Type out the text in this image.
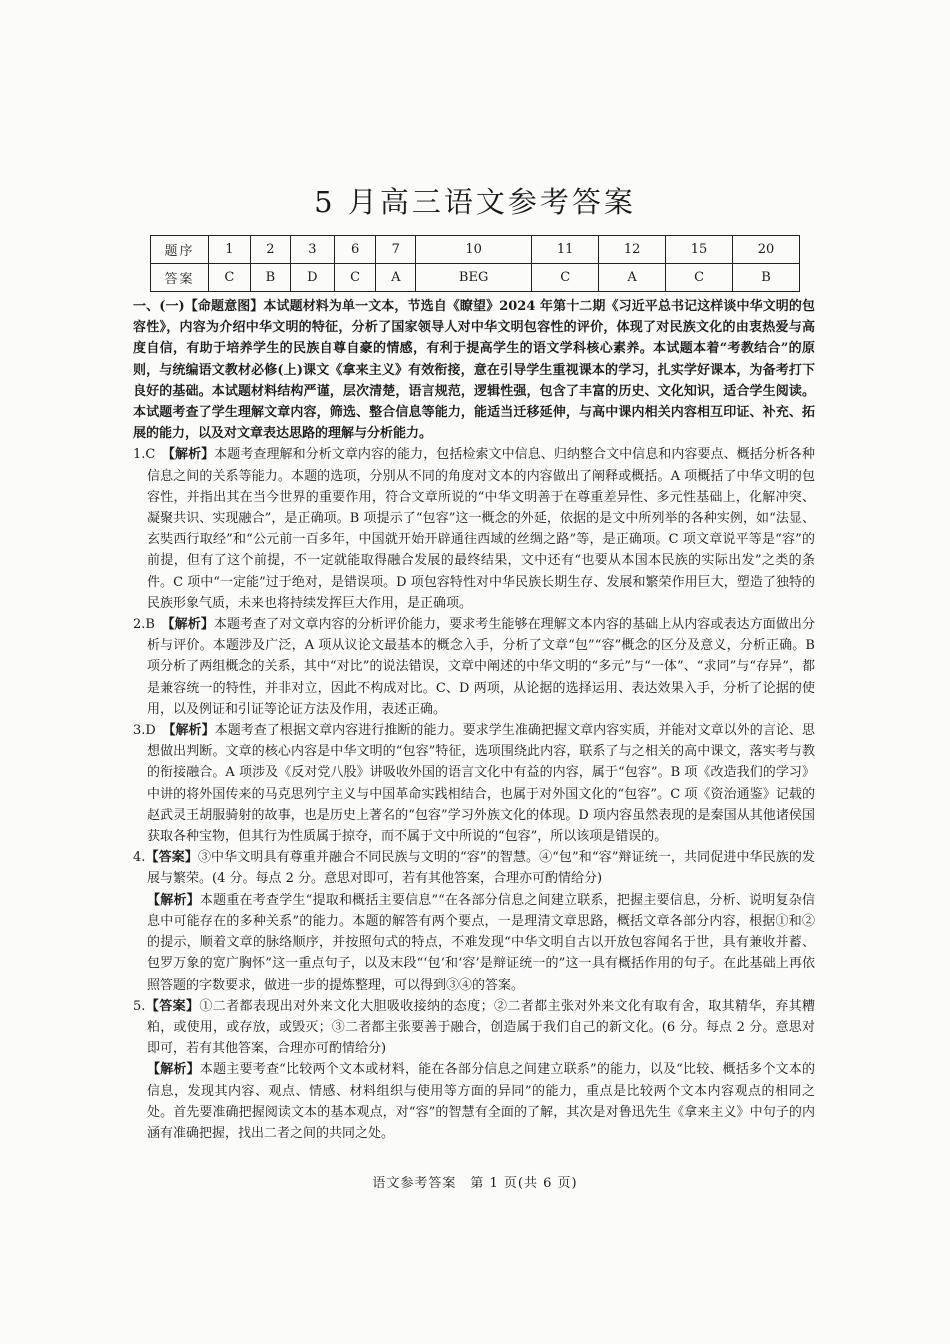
5 月高三语文参考答案
题序	1	2	3	6	7	10	11	12	15	20
答案	C	B	D	C	A	BEG	C	A	C	B

一、(一)【命题意图】本试题材料为单一文本，节选自《瞭望》2024 年第十二期《习近平总书记这样谈中华文明的包容性》，内容为介绍中华文明的特征，分析了国家领导人对中华文明包容性的评价，体现了对民族文化的由衷热爱与高度自信，有助于培养学生的民族自尊自豪的情感，有利于提高学生的语文学科核心素养。本试题本着“考教结合”的原则，与统编语文教材必修(上)课文《拿来主义》有效衔接，意在引导学生重视课本的学习，扎实学好课本，为备考打下良好的基础。本试题材料结构严谨，层次清楚，语言规范，逻辑性强，包含了丰富的历史、文化知识，适合学生阅读。本试题考查了学生理解文章内容，筛选、整合信息等能力，能适当迁移延伸，与高中课内相关内容相互印证、补充、拓展的能力，以及对文章表达思路的理解与分析能力。

1.C　【解析】本题考查理解和分析文章内容的能力，包括检索文中信息、归纳整合文中信息和内容要点、概括分析各种信息之间的关系等能力。本题的选项，分别从不同的角度对文本的内容做出了阐释或概括。A 项概括了中华文明的包容性，并指出其在当今世界的重要作用，符合文章所说的“中华文明善于在尊重差异性、多元性基础上，化解冲突、凝聚共识、实现融合”，是正确项。B 项提示了“包容”这一概念的外延，依据的是文中所列举的各种实例，如“法显、玄奘西行取经”和“公元前一百多年，中国就开始开辟通往西域的丝绸之路”等，是正确项。C 项文章说平等是“容”的前提，但有了这个前提，不一定就能取得融合发展的最终结果，文中还有“也要从本国本民族的实际出发”之类的条件。C 项中“一定能”过于绝对，是错误项。D 项包容特性对中华民族长期生存、发展和繁荣作用巨大，塑造了独特的民族形象气质，未来也将持续发挥巨大作用，是正确项。

2.B　【解析】本题考查了对文章内容的分析评价能力，要求考生能够在理解文本内容的基础上从内容或表达方面做出分析与评价。本题涉及广泛，A 项从议论文最基本的概念入手，分析了文章“包”“容”概念的区分及意义，分析正确。B 项分析了两组概念的关系，其中“对比”的说法错误，文章中阐述的中华文明的“多元”与“一体”、“求同”与“存异”，都是兼容统一的特性，并非对立，因此不构成对比。C、D 两项，从论据的选择运用、表达效果入手，分析了论据的使用，以及例证和引证等论证方法及作用，表述正确。

3.D　【解析】本题考查了根据文章内容进行推断的能力。要求学生准确把握文章内容实质，并能对文章以外的言论、思想做出判断。文章的核心内容是中华文明的“包容”特征，选项围绕此内容，联系了与之相关的高中课文，落实考与教的衔接融合。A 项涉及《反对党八股》讲吸收外国的语言文化中有益的内容，属于“包容”。B 项《改造我们的学习》中讲的将外国传来的马克思列宁主义与中国革命实践相结合，也属于对外国文化的“包容”。C 项《资治通鉴》记载的赵武灵王胡服骑射的故事，也是历史上著名的“包容”学习外族文化的体现。D 项内容虽然表现的是秦国从其他诸侯国获取各种宝物，但其行为性质属于掠夺，而不属于文中所说的“包容”，所以该项是错误的。

4.【答案】③中华文明具有尊重并融合不同民族与文明的“容”的智慧。④“包”和“容”辩证统一，共同促进中华民族的发展与繁荣。(4 分。每点 2 分。意思对即可，若有其他答案，合理亦可酌情给分)

【解析】本题重在考查学生“提取和概括主要信息”“在各部分信息之间建立联系，把握主要信息，分析、说明复杂信息中可能存在的多种关系”的能力。本题的解答有两个要点，一是理清文章思路，概括文章各部分内容，根据①和②的提示，顺着文章的脉络顺序，并按照句式的特点，不难发现“中华文明自古以开放包容闻名于世，具有兼收并蓄、包罗万象的宽广胸怀”这一重点句子，以及末段“‘包’和‘容’是辩证统一的”这一具有概括作用的句子。在此基础上再依照答题的字数要求，做进一步的提炼整理，可以得到③④的答案。

5.【答案】①二者都表现出对外来文化大胆吸收接纳的态度；②二者都主张对外来文化有取有舍，取其精华，弃其糟粕，或使用，或存放，或毁灭；③二者都主张要善于融合，创造属于我们自己的新文化。(6 分。每点 2 分。意思对即可，若有其他答案，合理亦可酌情给分)

【解析】本题主要考查“比较两个文本或材料，能在各部分信息之间建立联系”的能力，以及“比较、概括多个文本的信息，发现其内容、观点、情感、材料组织与使用等方面的异同”的能力，重点是比较两个文本内容观点的相同之处。首先要准确把握阅读文本的基本观点，对“容”的智慧有全面的了解，其次是对鲁迅先生《拿来主义》中句子的内涵有准确把握，找出二者之间的共同之处。

语文参考答案　第 1 页(共 6 页)
